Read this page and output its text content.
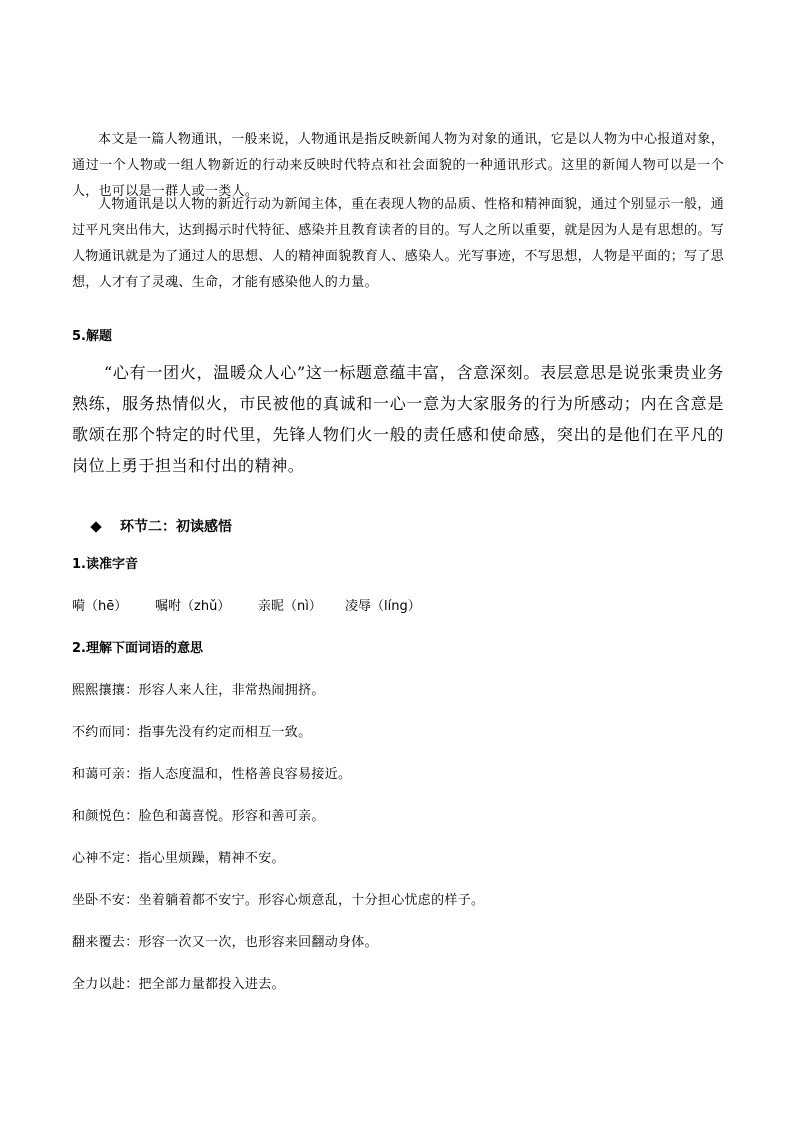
本文是一篇人物通讯，一般来说，人物通讯是指反映新闻人物为对象的通讯，它是以人物为中心报道对象，通过一个人物或一组人物新近的行动来反映时代特点和社会面貌的一种通讯形式。这里的新闻人物可以是一个人，也可以是一群人或一类人。

人物通讯是以人物的新近行动为新闻主体，重在表现人物的品质、性格和精神面貌，通过个别显示一般，通过平凡突出伟大，达到揭示时代特征、感染并且教育读者的目的。写人之所以重要，就是因为人是有思想的。写人物通讯就是为了通过人的思想、人的精神面貌教育人、感染人。光写事迹，不写思想，人物是平面的；写了思想，人才有了灵魂、生命，才能有感染他人的力量。

5.解题

“心有一团火，温暖众人心”这一标题意蕴丰富，含意深刻。表层意思是说张秉贵业务熟练，服务热情似火，市民被他的真诚和一心一意为大家服务的行为所感动；内在含意是歌颂在那个特定的时代里，先锋人物们火一般的责任感和使命感，突出的是他们在平凡的岗位上勇于担当和付出的精神。

环节二：初读感悟

1.读准字音

嗬（hē）	嘱咐（zhǔ）	亲昵（nì）	凌辱（líng）

2.理解下面词语的意思

熙熙攘攘：形容人来人往，非常热闹拥挤。

不约而同：指事先没有约定而相互一致。

和蔼可亲：指人态度温和，性格善良容易接近。

和颜悦色：脸色和蔼喜悦。形容和善可亲。

心神不定：指心里烦躁，精神不安。

坐卧不安：坐着躺着都不安宁。形容心烦意乱，十分担心忧虑的样子。

翻来覆去：形容一次又一次，也形容来回翻动身体。

全力以赴：把全部力量都投入进去。
